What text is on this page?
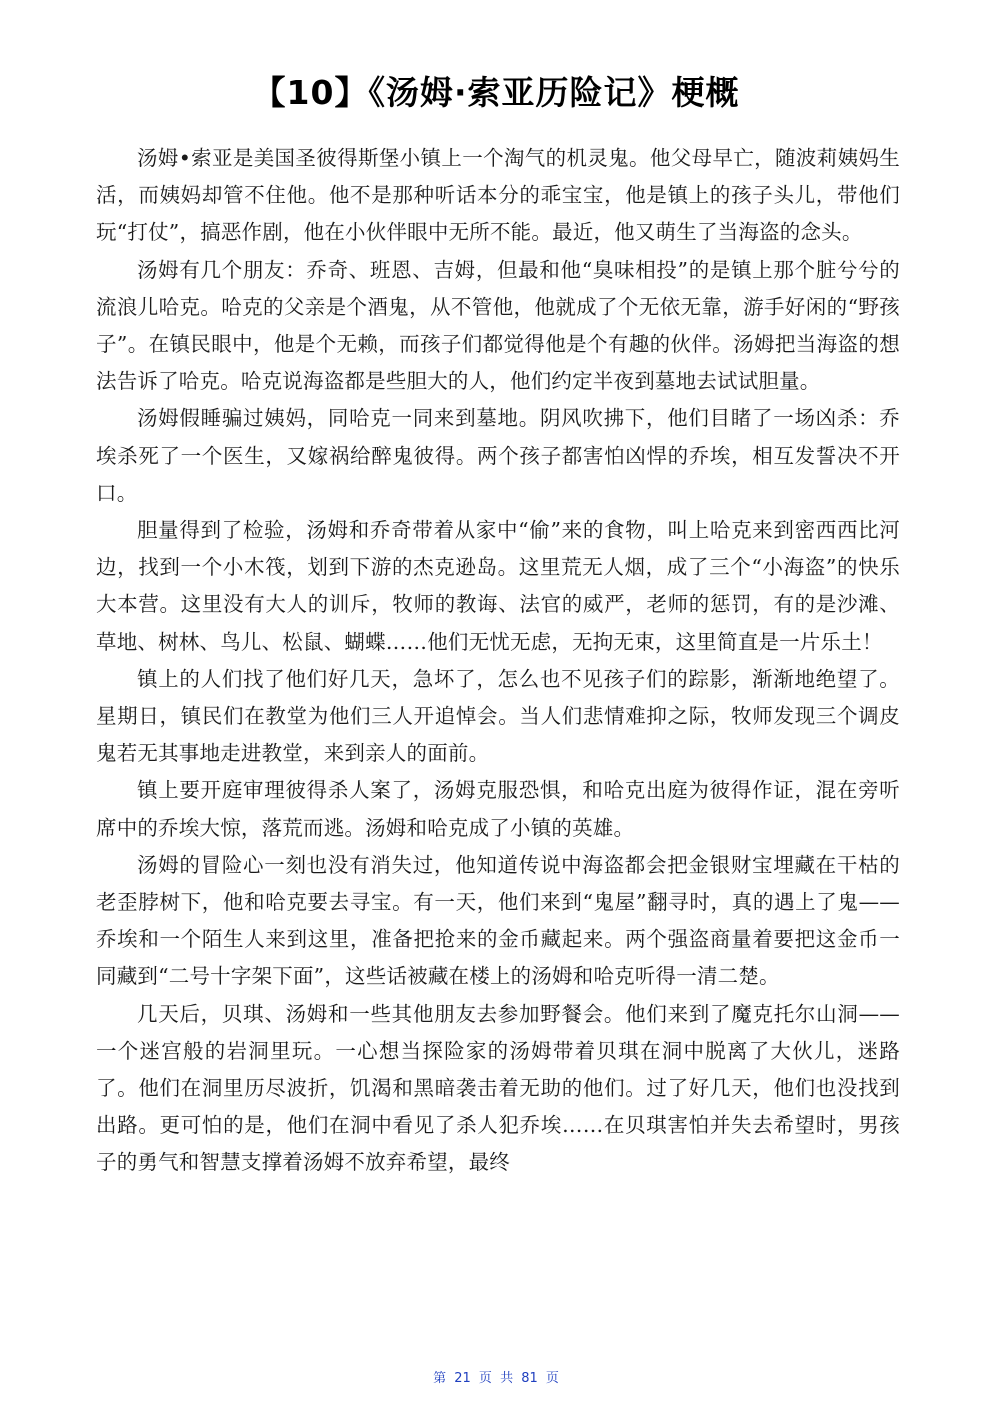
【10】《汤姆·索亚历险记》梗概

汤姆•索亚是美国圣彼得斯堡小镇上一个淘气的机灵鬼。他父母早亡，随波莉姨妈生活，而姨妈却管不住他。他不是那种听话本分的乖宝宝，他是镇上的孩子头儿，带他们玩“打仗”，搞恶作剧，他在小伙伴眼中无所不能。最近，他又萌生了当海盗的念头。

汤姆有几个朋友：乔奇、班恩、吉姆，但最和他“臭味相投”的是镇上那个脏兮兮的流浪儿哈克。哈克的父亲是个酒鬼，从不管他，他就成了个无依无靠，游手好闲的“野孩子”。在镇民眼中，他是个无赖，而孩子们都觉得他是个有趣的伙伴。汤姆把当海盗的想法告诉了哈克。哈克说海盗都是些胆大的人，他们约定半夜到墓地去试试胆量。

汤姆假睡骗过姨妈，同哈克一同来到墓地。阴风吹拂下，他们目睹了一场凶杀：乔埃杀死了一个医生，又嫁祸给醉鬼彼得。两个孩子都害怕凶悍的乔埃，相互发誓决不开口。

胆量得到了检验，汤姆和乔奇带着从家中“偷”来的食物，叫上哈克来到密西西比河边，找到一个小木筏，划到下游的杰克逊岛。这里荒无人烟，成了三个“小海盗”的快乐大本营。这里没有大人的训斥，牧师的教诲、法官的威严，老师的惩罚，有的是沙滩、草地、树林、鸟儿、松鼠、蝴蝶……他们无忧无虑，无拘无束，这里简直是一片乐土！

镇上的人们找了他们好几天，急坏了，怎么也不见孩子们的踪影，渐渐地绝望了。星期日，镇民们在教堂为他们三人开追悼会。当人们悲情难抑之际，牧师发现三个调皮鬼若无其事地走进教堂，来到亲人的面前。

镇上要开庭审理彼得杀人案了，汤姆克服恐惧，和哈克出庭为彼得作证，混在旁听席中的乔埃大惊，落荒而逃。汤姆和哈克成了小镇的英雄。

汤姆的冒险心一刻也没有消失过，他知道传说中海盗都会把金银财宝埋藏在干枯的老歪脖树下，他和哈克要去寻宝。有一天，他们来到“鬼屋”翻寻时，真的遇上了鬼——乔埃和一个陌生人来到这里，准备把抢来的金币藏起来。两个强盗商量着要把这金币一同藏到“二号十字架下面”，这些话被藏在楼上的汤姆和哈克听得一清二楚。

几天后，贝琪、汤姆和一些其他朋友去参加野餐会。他们来到了魔克托尔山洞——一个迷宫般的岩洞里玩。一心想当探险家的汤姆带着贝琪在洞中脱离了大伙儿，迷路了。他们在洞里历尽波折，饥渴和黑暗袭击着无助的他们。过了好几天，他们也没找到出路。更可怕的是，他们在洞中看见了杀人犯乔埃……在贝琪害怕并失去希望时，男孩子的勇气和智慧支撑着汤姆不放弃希望，最终

第 21 页 共 81 页
